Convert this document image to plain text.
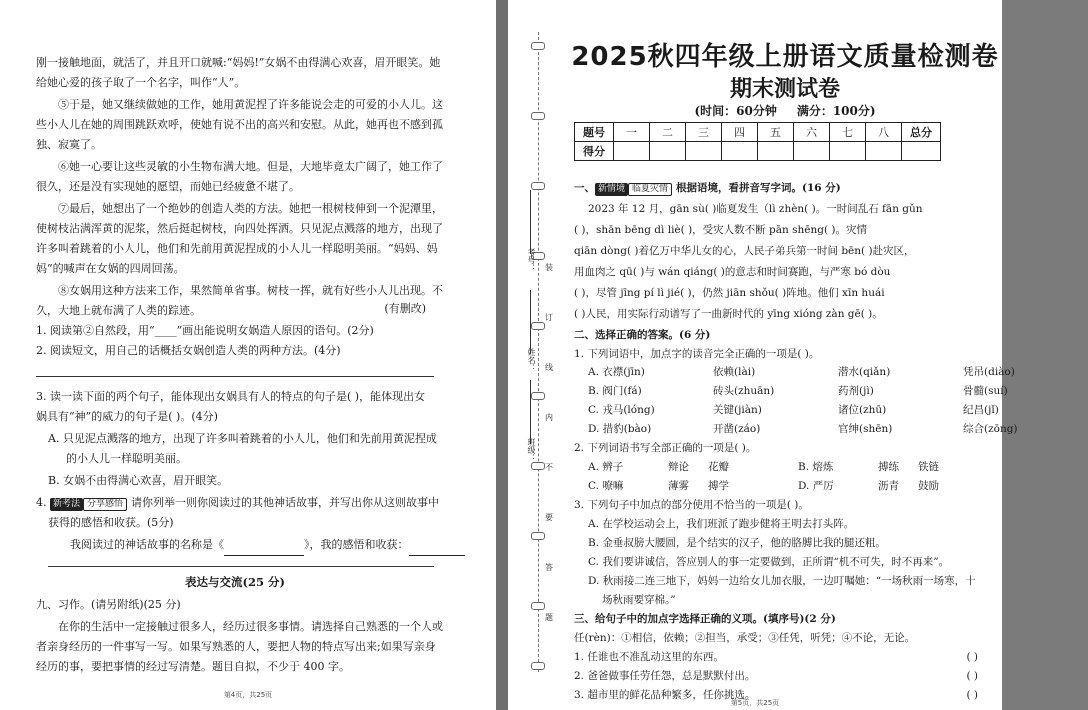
刚一接触地面，就活了，并且开口就喊:“妈妈!”女娲不由得满心欢喜，眉开眼笑。她
给她心爱的孩子取了一个名字，叫作“人”。
⑤于是，她又继续做她的工作，她用黄泥捏了许多能说会走的可爱的小人儿。这
些小人儿在她的周围跳跃欢呼，使她有说不出的高兴和安慰。从此，她再也不感到孤
独、寂寞了。
⑥她一心要让这些灵敏的小生物布满大地。但是，大地毕竟太广阔了，她工作了
很久，还是没有实现她的愿望，而她已经疲惫不堪了。
⑦最后，她想出了一个绝妙的创造人类的方法。她把一根树枝伸到一个泥潭里，
使树枝沾满浑黄的泥浆，然后挺起树枝，向四处挥洒。只见泥点溅落的地方，出现了
许多叫着跳着的小人儿，他们和先前用黄泥捏成的小人儿一样聪明美丽。“妈妈、妈
妈”的喊声在女娲的四周回荡。
⑧女娲用这种方法来工作，果然简单省事。树枝一挥，就有好些小人儿出现。不
久，大地上就布满了人类的踪迹。	(有删改)
1. 阅读第②自然段，用“____”画出能说明女娲造人原因的语句。(2分)
2. 阅读短文，用自己的话概括女娲创造人类的两种方法。(4分)
3. 读一读下面的两个句子，能体现出女娲具有人的特点的句子是( )，能体现出女
娲具有“神”的威力的句子是( )。(4分)
A. 只见泥点溅落的地方，出现了许多叫着跳着的小人儿，他们和先前用黄泥捏成
的小人儿一样聪明美丽。
B. 女娲不由得满心欢喜，眉开眼笑。
4. 新考法 分享感悟 请你列举一则你阅读过的其他神话故事，并写出你从这则故事中
获得的感悟和收获。(5分)
我阅读过的神话故事的名称是《	》，我的感悟和收获：
表达与交流(25 分)
九、习作。(请另附纸)(25 分)
在你的生活中一定接触过很多人，经历过很多事情。请选择自己熟悉的一个人或
者亲身经历的一件事写一写。如果写熟悉的人，要把人物的特点写出来;如果写亲身
经历的事，要把事情的经过写清楚。题目自拟，不少于 400 字。
第4页，共25页
考号：
姓名：
班级：
装
订
线
内
不
要
答
题
2025秋四年级上册语文质量检测卷
期末测试卷
(时间：60分钟 满分：100分)
题号	一	二	三	四	五	六	七	八	总分
得分									
一、 新情境 临夏灾情 根据语境，看拼音写字词。(16 分)
2023 年 12 月，gān sù( )临夏发生（lì zhèn( )。一时间乱石 fān gǔn
( )，shān bēng dì liè( )，受灾人数不断 pān shēng( )。灾情
qiān dòng( )着亿万中华儿女的心，人民子弟兵第一时间 bēn( )赴灾区，
用血肉之 qū( )与 wán qiáng( )的意志和时间赛跑，与严寒 bó dòu
( )，尽管 jīng pí lì jié( )，仍然 jiān shǒu( )阵地。他们 xīn huái
( )人民，用实际行动谱写了一曲新时代的 yīng xióng zàn gē( )。
二、选择正确的答案。(6 分)
1. 下列词语中，加点字的读音完全正确的一项是( )。
A. 衣襟(jīn)	依赖(lài)	潜水(qiǎn)	凭吊(diào)
B. 阀门(fá)	砖头(zhuān)	药剂(jì)	骨髓(suí)
C. 戎马(lóng)	关键(jiàn)	诸位(zhū)	纪昌(jǐ)
D. 措豹(bào)	开凿(záo)	官绅(shēn)	综合(zōng)
2. 下列词语书写全部正确的一项是( )。
A. 辨子	辩论 花瓣	B. 熔炼	搏练 铁链
C. 嘹嘛	薄雾 搏学	D. 严厉	沥青 鼓励
3. 下列句子中加点的部分使用不恰当的一项是( )。
A. 在学校运动会上，我们班派了跑步健将王明去打头阵。
B. 金垂叔膀大腰圆，是个结实的汉子，他的胳膊比我的腿还粗。
C. 我们要讲诚信，答应别人的事一定要做到，正所谓“机不可失，时不再来”。
D. 秋雨接二连三地下，妈妈一边给女儿加衣服，一边叮嘱她：“一场秋雨一场寒，十
场秋雨要穿棉。”
三、给句子中的加点字选择正确的义项。(填序号)(2 分)
任(rèn)：①相信，依赖；②担当，承受；③任凭，听凭；④不论，无论。
1. 任谁也不准乱动这里的东西。	( )
2. 爸爸做事任劳任怨，总是默默付出。	( )
3. 超市里的鲜花品种繁多，任你挑选。	( )
第5页，共25页
